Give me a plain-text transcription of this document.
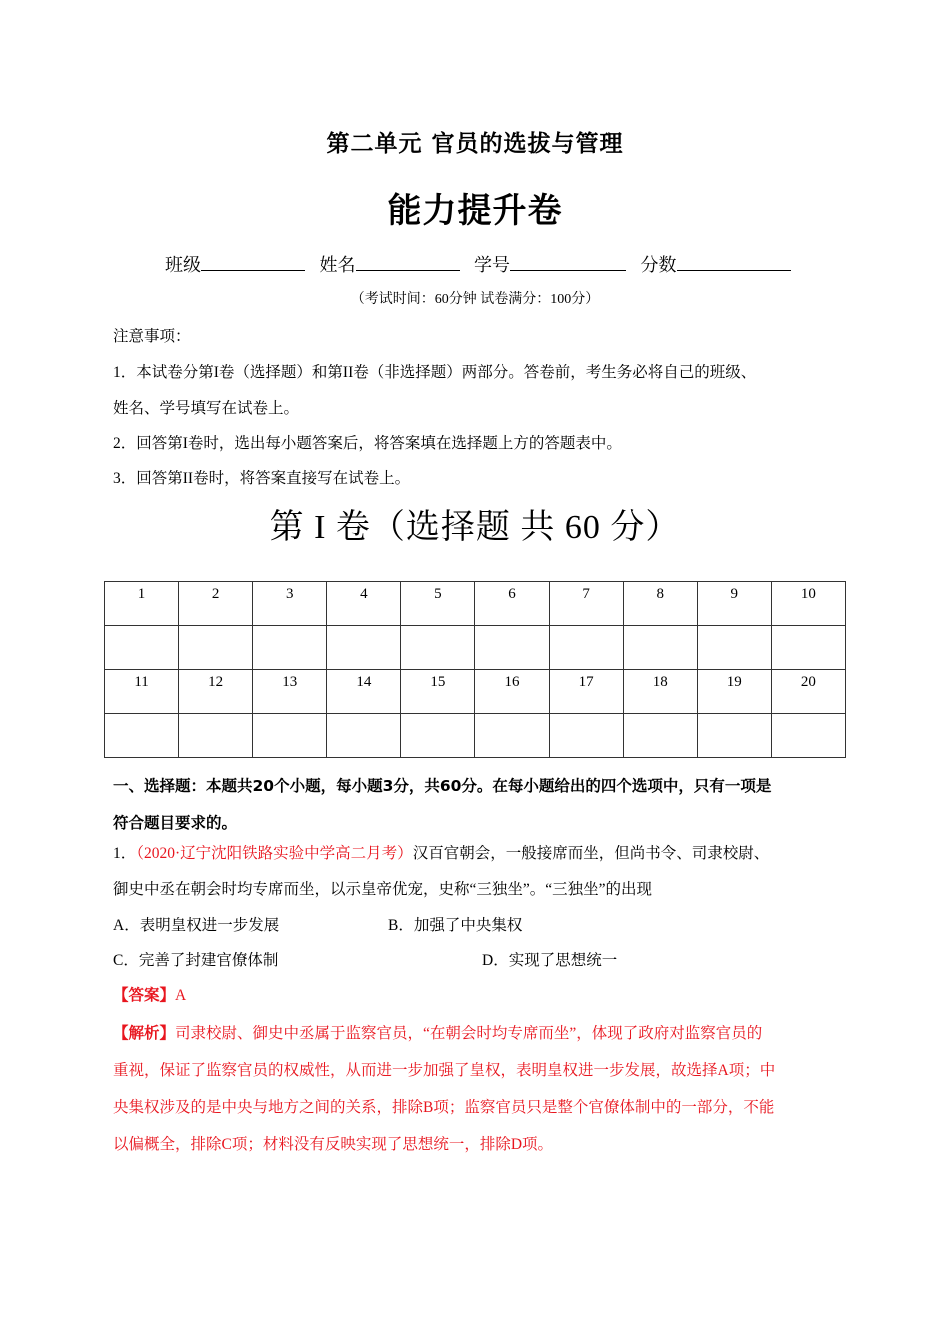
第二单元 官员的选拔与管理
能力提升卷
班级	姓名	学号	分数
（考试时间：60分钟 试卷满分：100分）
注意事项：
1．本试卷分第I卷（选择题）和第II卷（非选择题）两部分。答卷前，考生务必将自己的班级、
姓名、学号填写在试卷上。
2．回答第I卷时，选出每小题答案后，将答案填在选择题上方的答题表中。
3．回答第II卷时，将答案直接写在试卷上。
第 I 卷（选择题 共 60 分）
1	2	3	4	5	6	7	8	9	10

11	12	13	14	15	16	17	18	19	20

一、选择题：本题共20个小题，每小题3分，共60分。在每小题给出的四个选项中，只有一项是
符合题目要求的。
1．（2020·辽宁沈阳铁路实验中学高二月考）汉百官朝会，一般接席而坐，但尚书令、司隶校尉、
御史中丞在朝会时均专席而坐，以示皇帝优宠，史称“三独坐”。“三独坐”的出现
A．表明皇权进一步发展	B．加强了中央集权
C．完善了封建官僚体制	D．实现了思想统一
【答案】A
【解析】司隶校尉、御史中丞属于监察官员，“在朝会时均专席而坐”，体现了政府对监察官员的
重视，保证了监察官员的权威性，从而进一步加强了皇权，表明皇权进一步发展，故选择A项；中
央集权涉及的是中央与地方之间的关系，排除B项；监察官员只是整个官僚体制中的一部分，不能
以偏概全，排除C项；材料没有反映实现了思想统一，排除D项。
